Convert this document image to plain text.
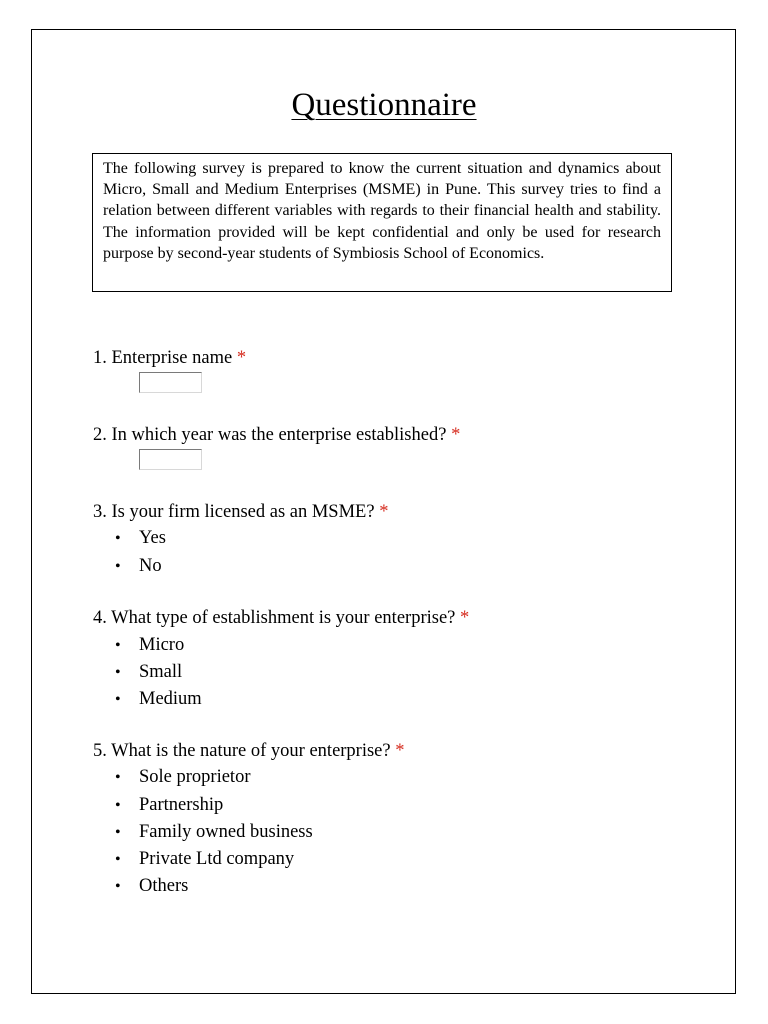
Questionnaire
The following survey is prepared to know the current situation and dynamics about Micro, Small and Medium Enterprises (MSME) in Pune. This survey tries to find a relation between different variables with regards to their financial health and stability. The information provided will be kept confidential and only be used for research purpose by second-year students of Symbiosis School of Economics.
1. Enterprise name *
2. In which year was the enterprise established? *
3. Is your firm licensed as an MSME? *
• Yes
• No
4. What type of establishment is your enterprise? *
• Micro
• Small
• Medium
5. What is the nature of your enterprise? *
• Sole proprietor
• Partnership
• Family owned business
• Private Ltd company
• Others
